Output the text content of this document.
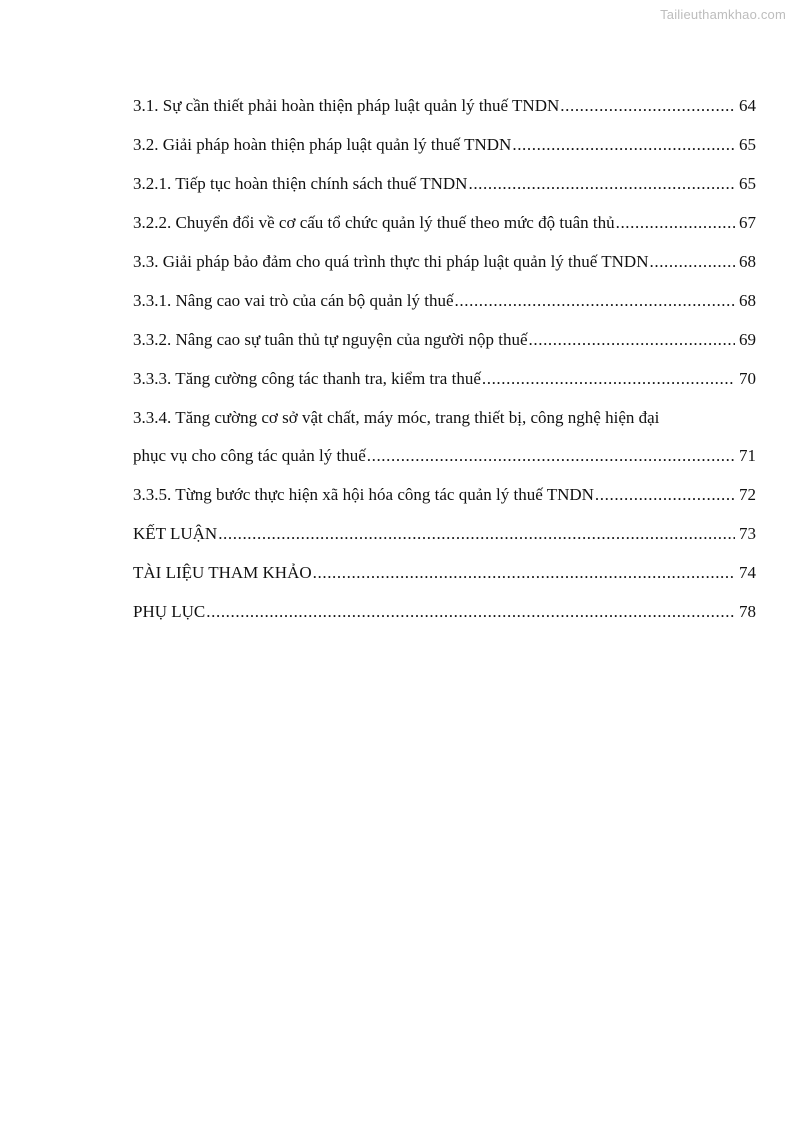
Tailieuthamkhao.com
3.1. Sự cần thiết phải hoàn thiện pháp luật quản lý thuế TNDN .....	64
3.2. Giải pháp hoàn thiện pháp luật quản lý thuế TNDN .....	65
3.2.1. Tiếp tục hoàn thiện chính sách thuế TNDN .....	65
3.2.2. Chuyển đổi về cơ cấu tổ chức quản lý thuế theo mức độ tuân thủ .....	67
3.3. Giải pháp bảo đảm cho quá trình thực thi pháp luật quản lý thuế TNDN .....	68
3.3.1. Nâng cao vai trò của cán bộ quản lý thuế .....	68
3.3.2. Nâng cao sự tuân thủ tự nguyện của người nộp thuế .....	69
3.3.3. Tăng cường công tác thanh tra, kiểm tra thuế .....	70
3.3.4. Tăng cường cơ sở vật chất, máy móc, trang thiết bị, công nghệ hiện đại
phục vụ cho công tác quản lý thuế .....	71
3.3.5. Từng bước thực hiện xã hội hóa công tác quản lý thuế TNDN .....	72
KẾT LUẬN .....	73
TÀI LIỆU THAM KHẢO .....	74
PHỤ LỤC .....	78
